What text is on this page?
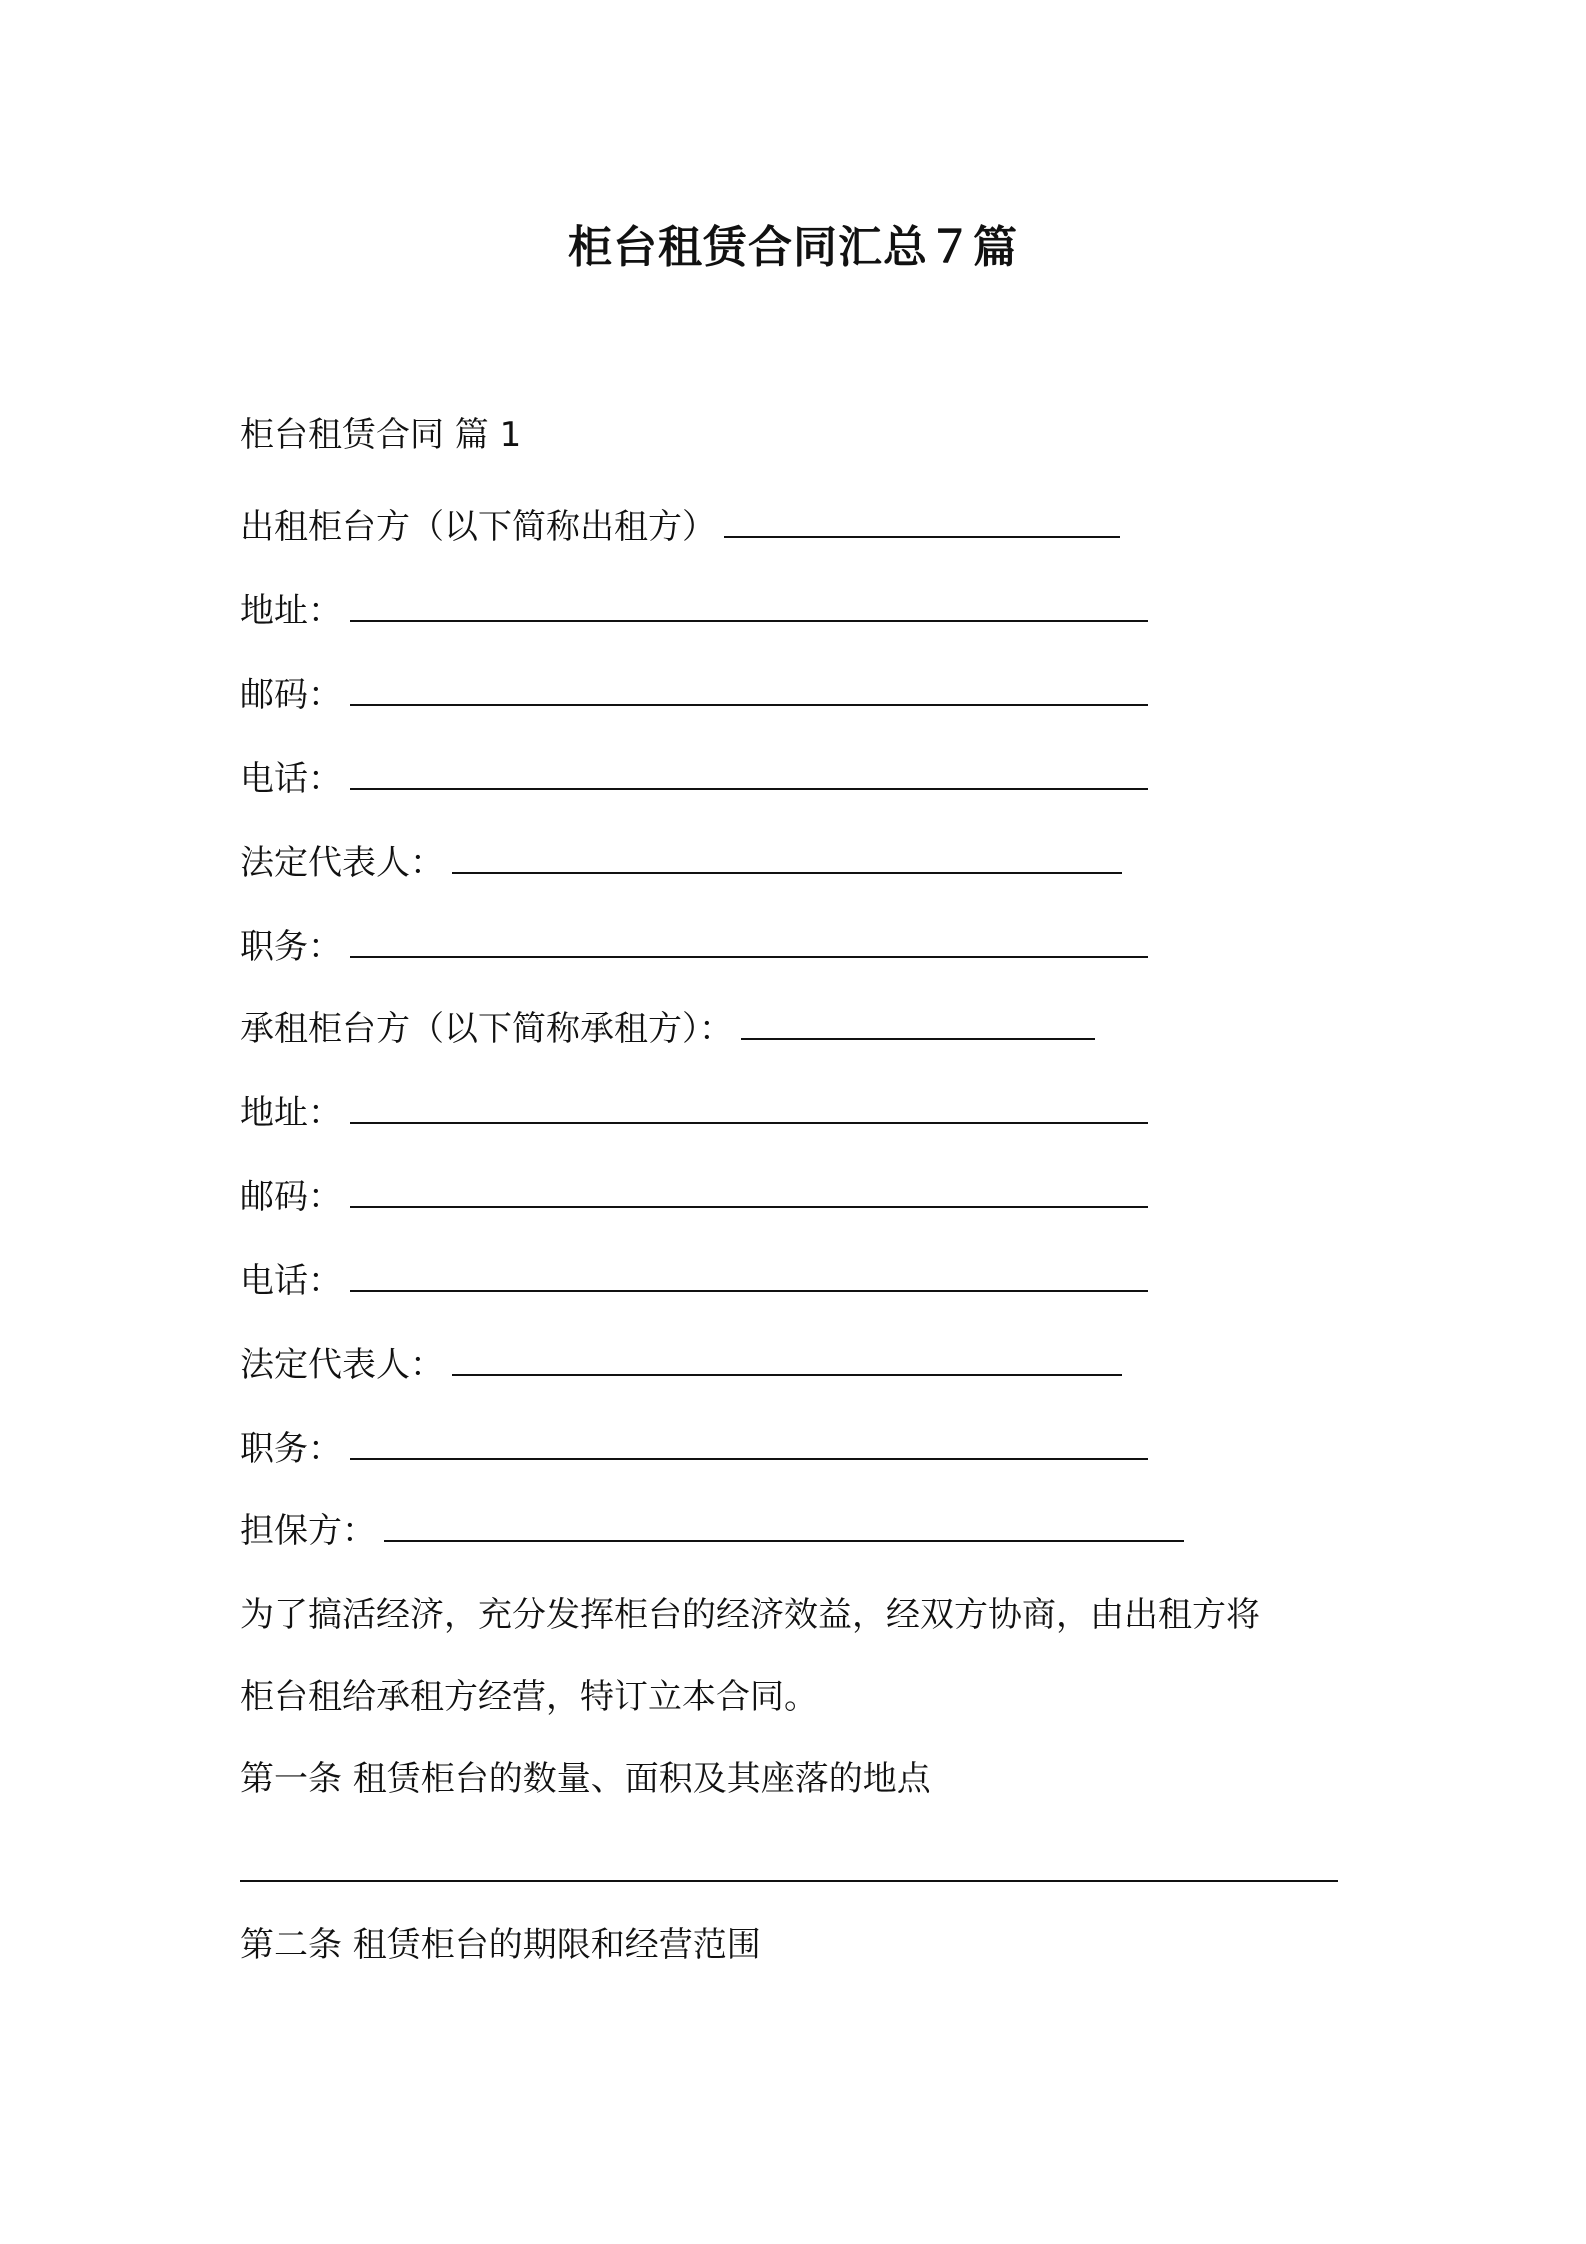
柜台租赁合同汇总７篇
柜台租赁合同 篇 1
出租柜台方（以下简称出租方）
地址：
邮码：
电话：
法定代表人：
职务：
承租柜台方（以下简称承租方）：
地址：
邮码：
电话：
法定代表人：
职务：
担保方：
为了搞活经济，充分发挥柜台的经济效益，经双方协商，由出租方将
柜台租给承租方经营，特订立本合同。
第一条 租赁柜台的数量、面积及其座落的地点
第二条 租赁柜台的期限和经营范围
